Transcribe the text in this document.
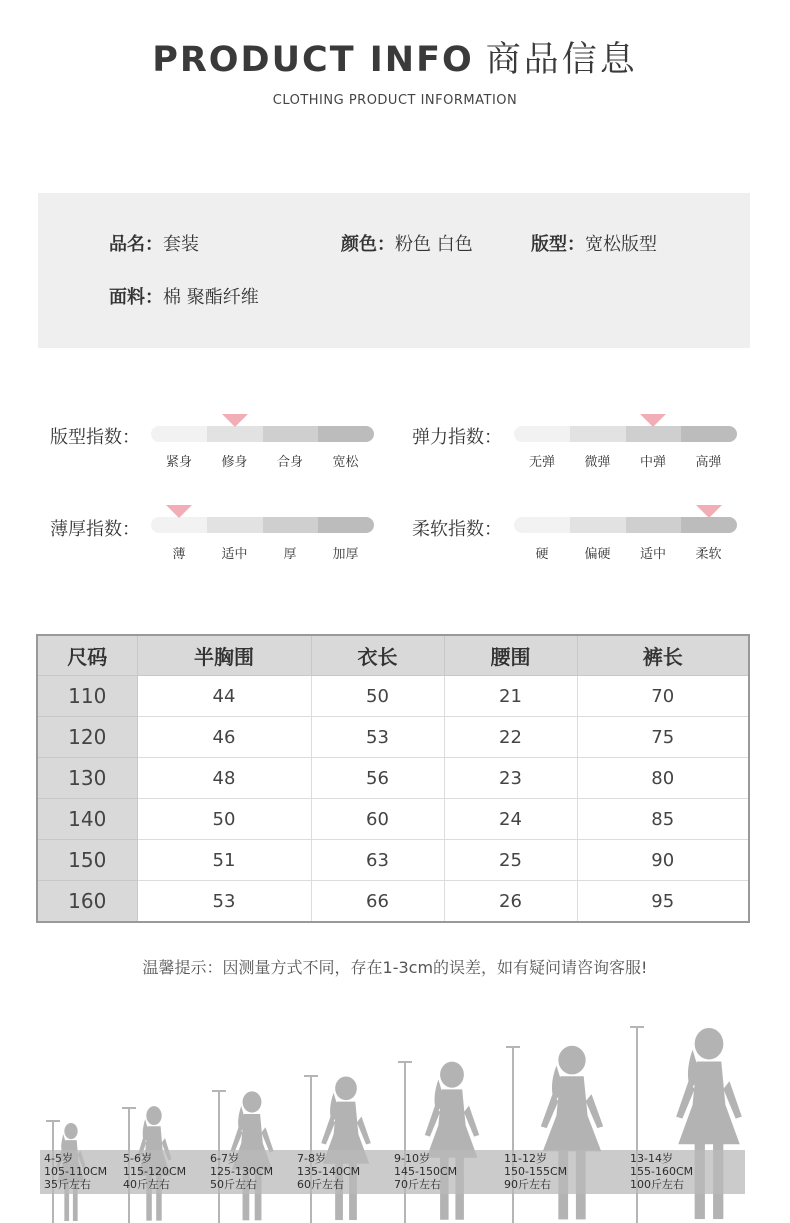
PRODUCT INFO 商品信息
CLOTHING PRODUCT INFORMATION
品名：套装	颜色：粉色 白色	版型：宽松版型
面料：棉 聚酯纤维
版型指数：	弹力指数：
薄厚指数：	柔软指数：
紧身	修身	合身	宽松	无弹	微弹	中弹	高弹
薄	适中	厚	加厚	硬	偏硬	适中	柔软
尺码	半胸围	衣长	腰围	裤长
110	44	50	21	70
120	46	53	22	75
130	48	56	23	80
140	50	60	24	85
150	51	63	25	90
160	53	66	26	95
温馨提示：因测量方式不同，存在1-3cm的误差，如有疑问请咨询客服!
4-5岁
105-110CM
35斤左右
5-6岁
115-120CM
40斤左右
6-7岁
125-130CM
50斤左右
7-8岁
135-140CM
60斤左右
9-10岁
145-150CM
70斤左右
11-12岁
150-155CM
90斤左右
13-14岁
155-160CM
100斤左右
